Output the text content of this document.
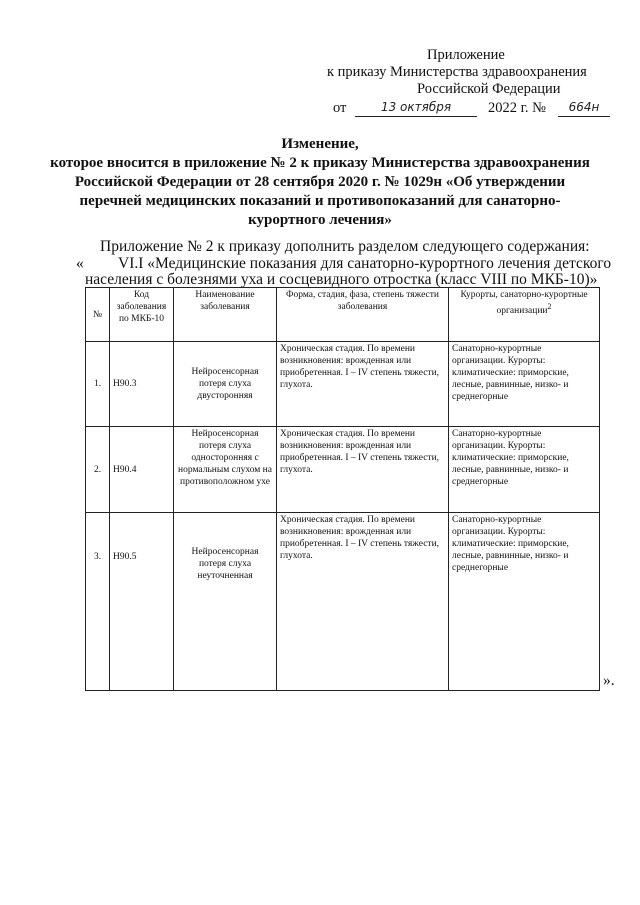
Приложение
к приказу Министерства здравоохранения
Российской Федерации
от	13 октября	2022 г. №	664н
Изменение,
которое вносится в приложение № 2 к приказу Министерства здравоохранения
Российской Федерации от 28 сентября 2020 г. № 1029н «Об утверждении
перечней медицинских показаний и противопоказаний для санаторно-
курортного лечения»
Приложение № 2 к приказу дополнить разделом следующего содержания:
« VI.I «Медицинские показания для санаторно-курортного лечения детского
населения с болезнями уха и сосцевидного отростка (класс VIII по МКБ-10)»
№	Код заболевания по МКБ-10	Наименование заболевания	Форма, стадия, фаза, степень тяжести заболевания	Курорты, санаторно-курортные организации$^2$
1.	H90.3	Нейросенсорная потеря слуха двусторонняя	Хроническая стадия. По времени возникновения: врожденная или приобретенная. I – IV степень тяжести, глухота.	Санаторно-курортные организации. Курорты: климатические: приморские, лесные, равнинные, низко- и среднегорные
2.	H90.4	Нейросенсорная потеря слуха односторонняя с нормальным слухом на противоположном ухе	Хроническая стадия. По времени возникновения: врожденная или приобретенная. I – IV степень тяжести, глухота.	Санаторно-курортные организации. Курорты: климатические: приморские, лесные, равнинные, низко- и среднегорные
3.	H90.5	Нейросенсорная потеря слуха неуточненная	Хроническая стадия. По времени возникновения: врожденная или приобретенная. I – IV степень тяжести, глухота.	Санаторно-курортные организации. Курорты: климатические: приморские, лесные, равнинные, низко- и среднегорные
».
